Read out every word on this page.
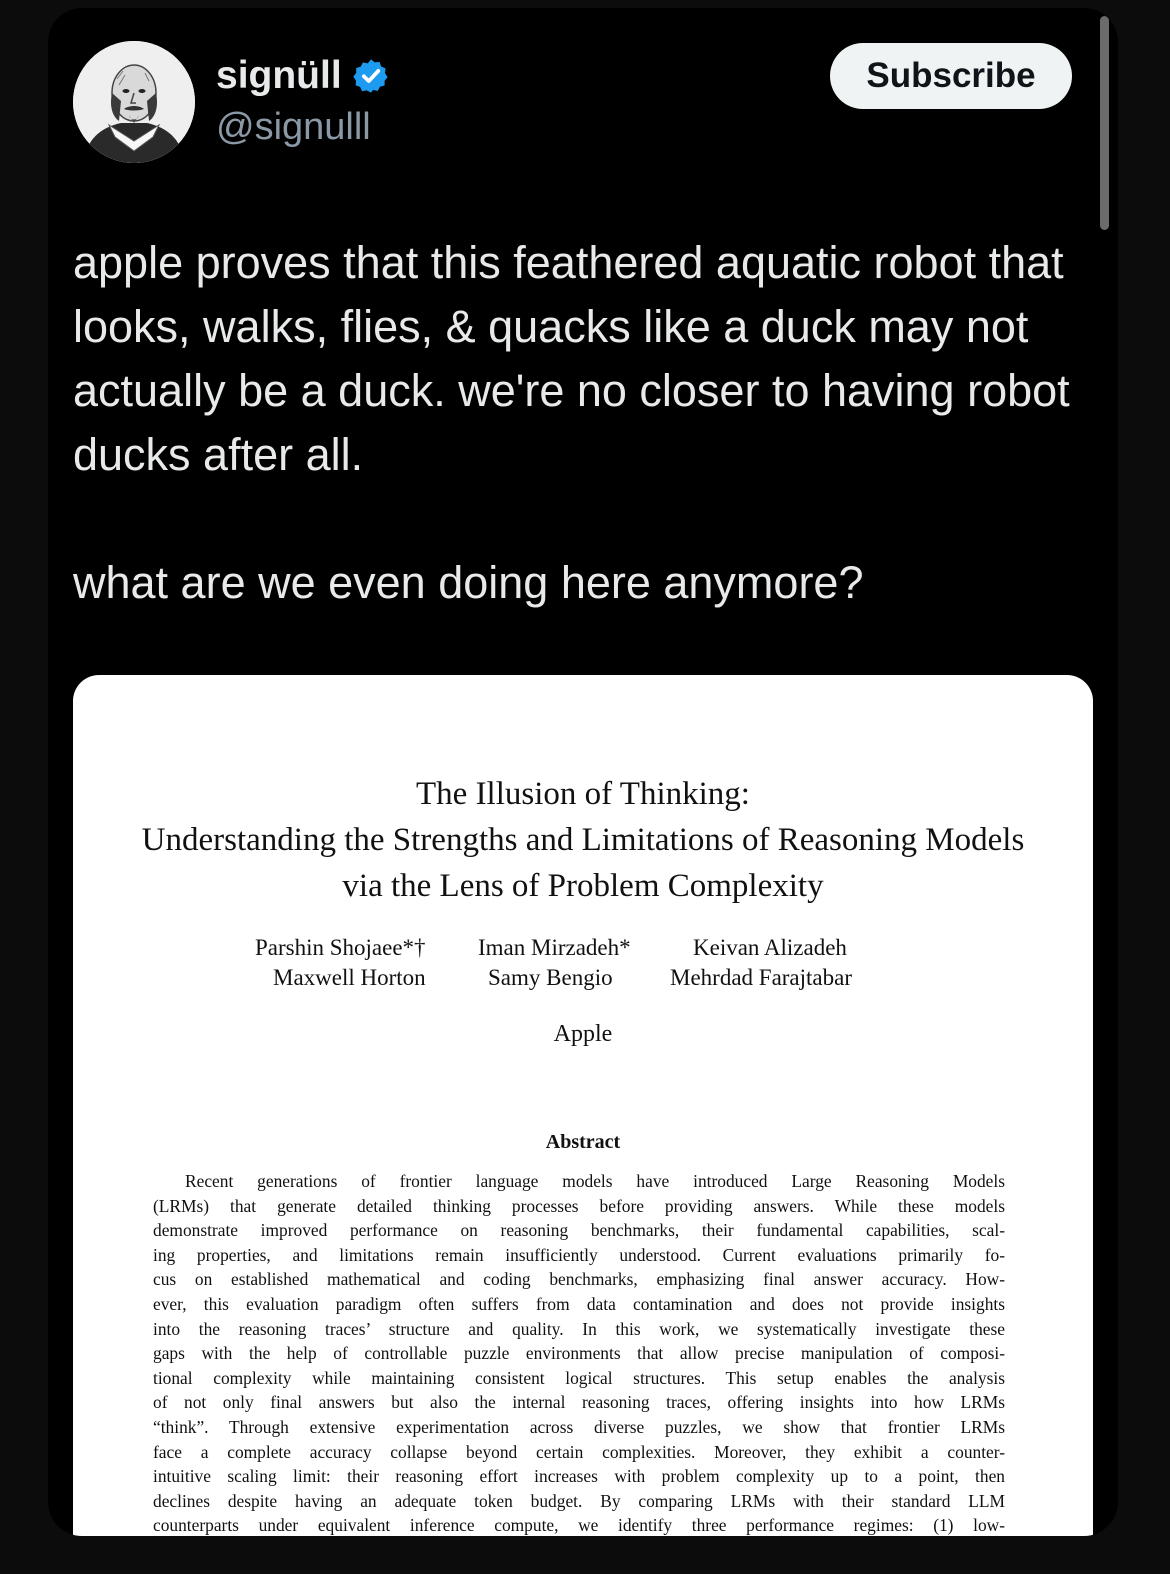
signüll
@signulll
Subscribe

apple proves that this feathered aquatic robot that looks, walks, flies, & quacks like a duck may not actually be a duck. we're no closer to having robot ducks after all.

what are we even doing here anymore?

The Illusion of Thinking:
Understanding the Strengths and Limitations of Reasoning Models
via the Lens of Problem Complexity
Parshin Shojaee*† Iman Mirzadeh*	Keivan Alizadeh
Maxwell Horton	Samy Bengio Mehrdad Farajtabar
Apple
Abstract
Recent generations of frontier language models have introduced Large Reasoning Models
(LRMs) that generate detailed thinking processes before providing answers. While these models
demonstrate improved performance on reasoning benchmarks, their fundamental capabilities, scal-
ing properties, and limitations remain insufficiently understood. Current evaluations primarily fo-
cus on established mathematical and coding benchmarks, emphasizing final answer accuracy. How-
ever, this evaluation paradigm often suffers from data contamination and does not provide insights
into the reasoning traces’ structure and quality. In this work, we systematically investigate these
gaps with the help of controllable puzzle environments that allow precise manipulation of composi-
tional complexity while maintaining consistent logical structures. This setup enables the analysis
of not only final answers but also the internal reasoning traces, offering insights into how LRMs
“think”. Through extensive experimentation across diverse puzzles, we show that frontier LRMs
face a complete accuracy collapse beyond certain complexities. Moreover, they exhibit a counter-
intuitive scaling limit: their reasoning effort increases with problem complexity up to a point, then
declines despite having an adequate token budget. By comparing LRMs with their standard LLM
counterparts under equivalent inference compute, we identify three performance regimes: (1) low-
